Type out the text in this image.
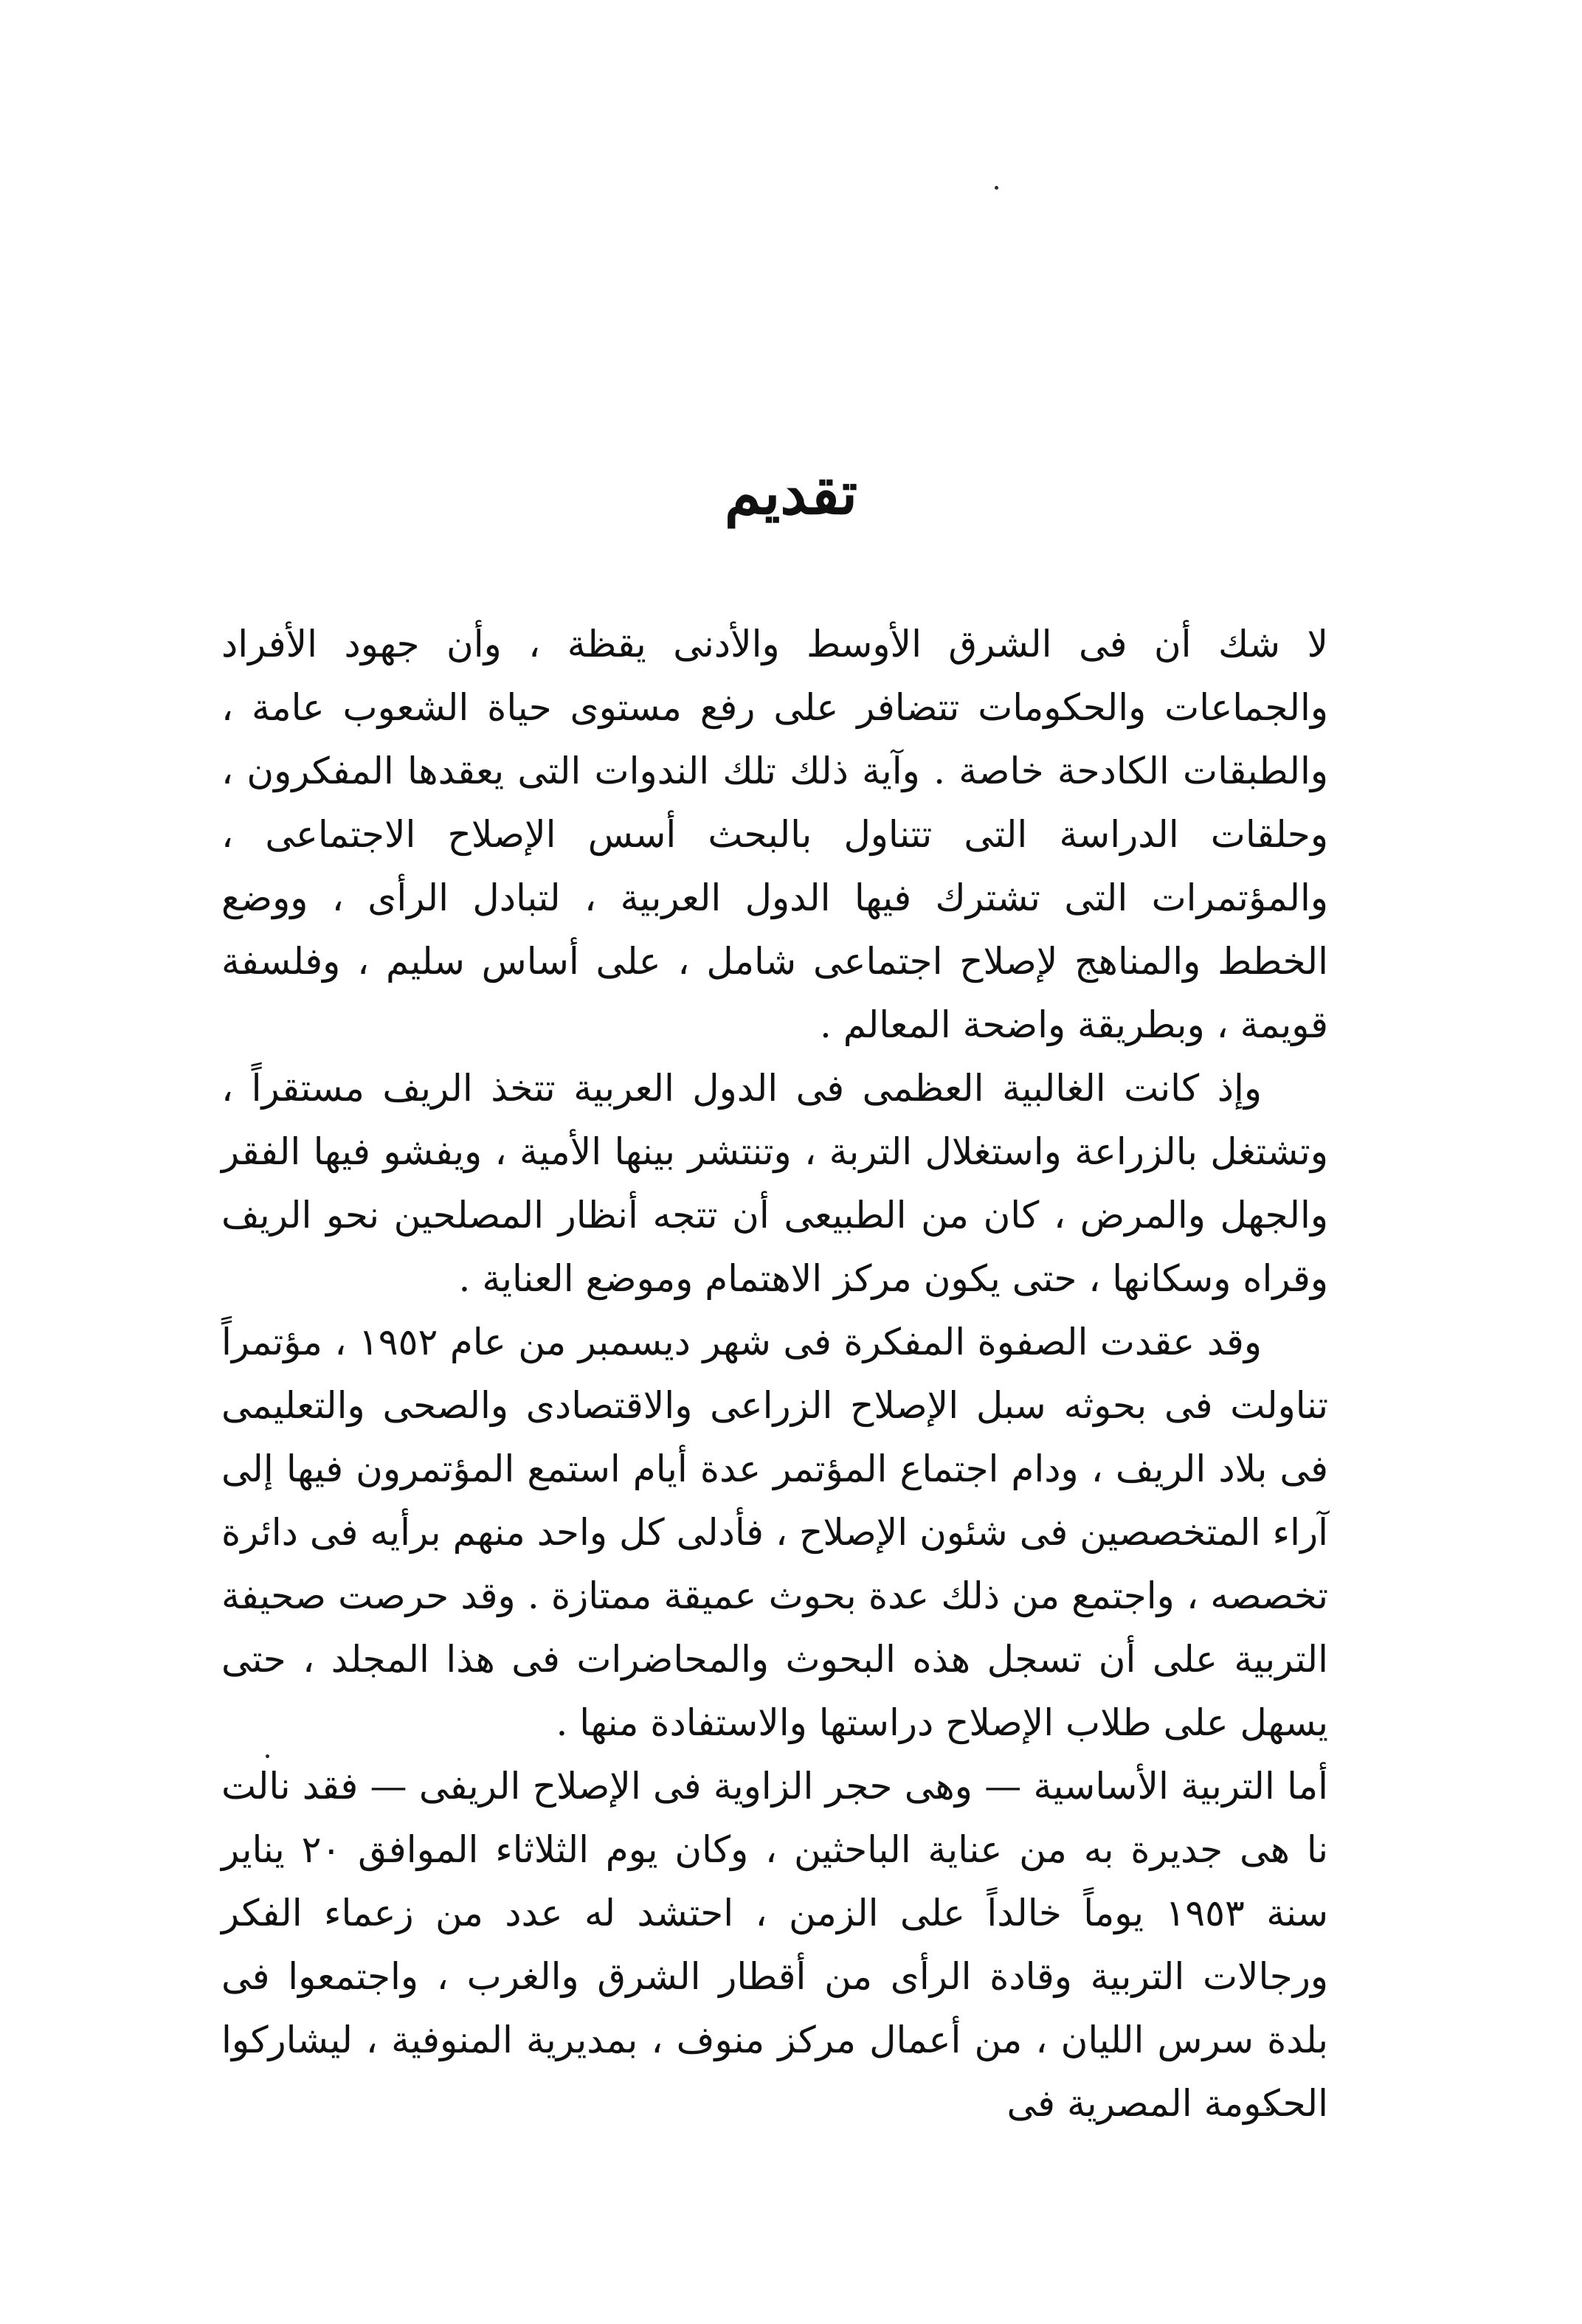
تقديم

لا شك أن فى الشرق الأوسط والأدنى يقظة ، وأن جهود الأفراد والجماعات والحكومات تتضافر على رفع مستوى حياة الشعوب عامة ، والطبقات الكادحة خاصة . وآية ذلك تلك الندوات التى يعقدها المفكرون ، وحلقات الدراسة التى تتناول بالبحث أسس الإصلاح الاجتماعى ، والمؤتمرات التى تشترك فيها الدول العربية ، لتبادل الرأى ، ووضع الخطط والمناهج لإصلاح اجتماعى شامل ، على أساس سليم ، وفلسفة قويمة ، وبطريقة واضحة المعالم .

وإذ كانت الغالبية العظمى فى الدول العربية تتخذ الريف مستقراً ، وتشتغل بالزراعة واستغلال التربة ، وتنتشر بينها الأمية ، ويفشو فيها الفقر والجهل والمرض ، كان من الطبيعى أن تتجه أنظار المصلحين نحو الريف وقراه وسكانها ، حتى يكون مركز الاهتمام وموضع العناية .

وقد عقدت الصفوة المفكرة فى شهر ديسمبر من عام ١٩٥٢ ، مؤتمراً تناولت فى بحوثه سبل الإصلاح الزراعى والاقتصادى والصحى والتعليمى فى بلاد الريف ، ودام اجتماع المؤتمر عدة أيام استمع المؤتمرون فيها إلى آراء المتخصصين فى شئون الإصلاح ، فأدلى كل واحد منهم برأيه فى دائرة تخصصه ، واجتمع من ذلك عدة بحوث عميقة ممتازة . وقد حرصت صحيفة التربية على أن تسجل هذه البحوث والمحاضرات فى هذا المجلد ، حتى يسهل على طلاب الإصلاح دراستها والاستفادة منها .

أما التربية الأساسية — وهى حجر الزاوية فى الإصلاح الريفى — فقد نالت نا هى جديرة به من عناية الباحثين ، وكان يوم الثلاثاء الموافق ٢٠ يناير سنة ١٩٥٣ يوماً خالداً على الزمن ، احتشد له عدد من زعماء الفكر ورجالات التربية وقادة الرأى من أقطار الشرق والغرب ، واجتمعوا فى بلدة سرس الليان ، من أعمال مركز منوف ، بمديرية المنوفية ، ليشاركوا الحكومة المصرية فى
